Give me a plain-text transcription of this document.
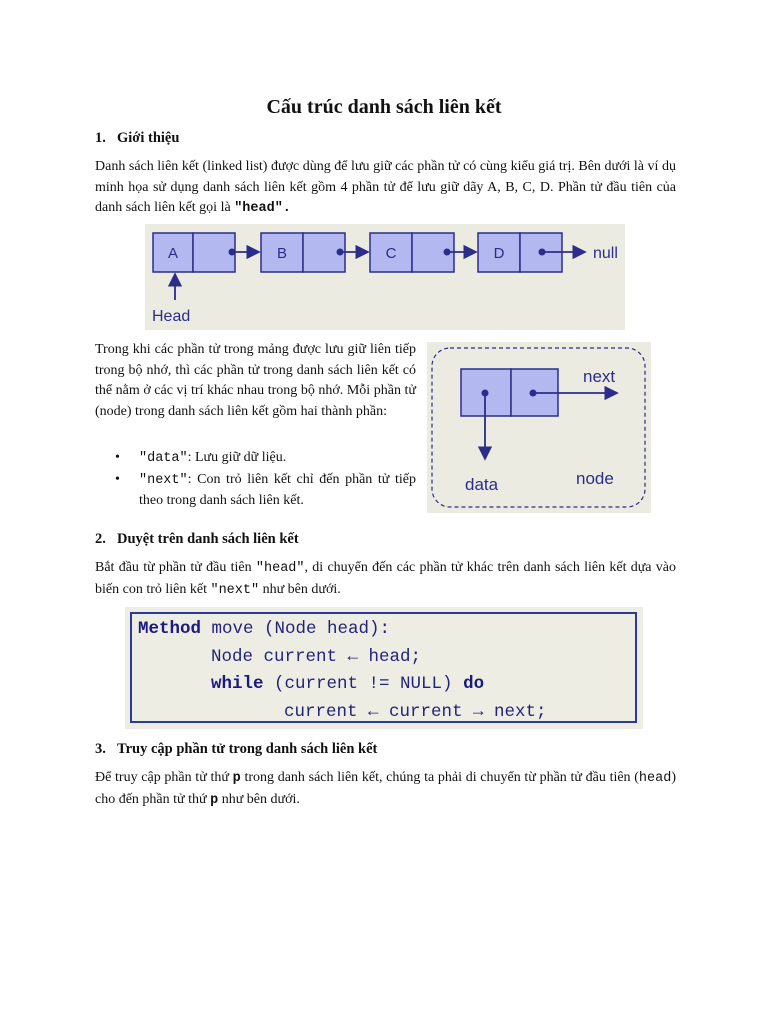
Cấu trúc danh sách liên kết
1. Giới thiệu
Danh sách liên kết (linked list) được dùng để lưu giữ các phần tử có cùng kiểu giá trị. Bên dưới là ví dụ minh họa sử dụng danh sách liên kết gồm 4 phần tử để lưu giữ dãy A, B, C, D. Phần tử đầu tiên của danh sách liên kết gọi là "head".
A	B	C	D	null
Head
Trong khi các phần tử trong mảng được lưu giữ liên tiếp trong bộ nhớ, thì các phần tử trong danh sách liên kết có thể nằm ở các vị trí khác nhau trong bộ nhớ. Mỗi phần tử (node) trong danh sách liên kết gồm hai thành phần:
• "data": Lưu giữ dữ liệu.
• "next": Con trỏ liên kết chỉ đến phần tử tiếp theo trong danh sách liên kết.
next
data	node
2. Duyệt trên danh sách liên kết
Bắt đầu từ phần tử đầu tiên "head", di chuyển đến các phần tử khác trên danh sách liên kết dựa vào biến con trỏ liên kết "next" như bên dưới.
Method move (Node head):
Node current ← head;
while (current != NULL) do
current ← current → next;
3. Truy cập phần tử trong danh sách liên kết
Để truy cập phần tử thứ p trong danh sách liên kết, chúng ta phải di chuyển từ phần tử đầu tiên (head) cho đến phần tử thứ p như bên dưới.
